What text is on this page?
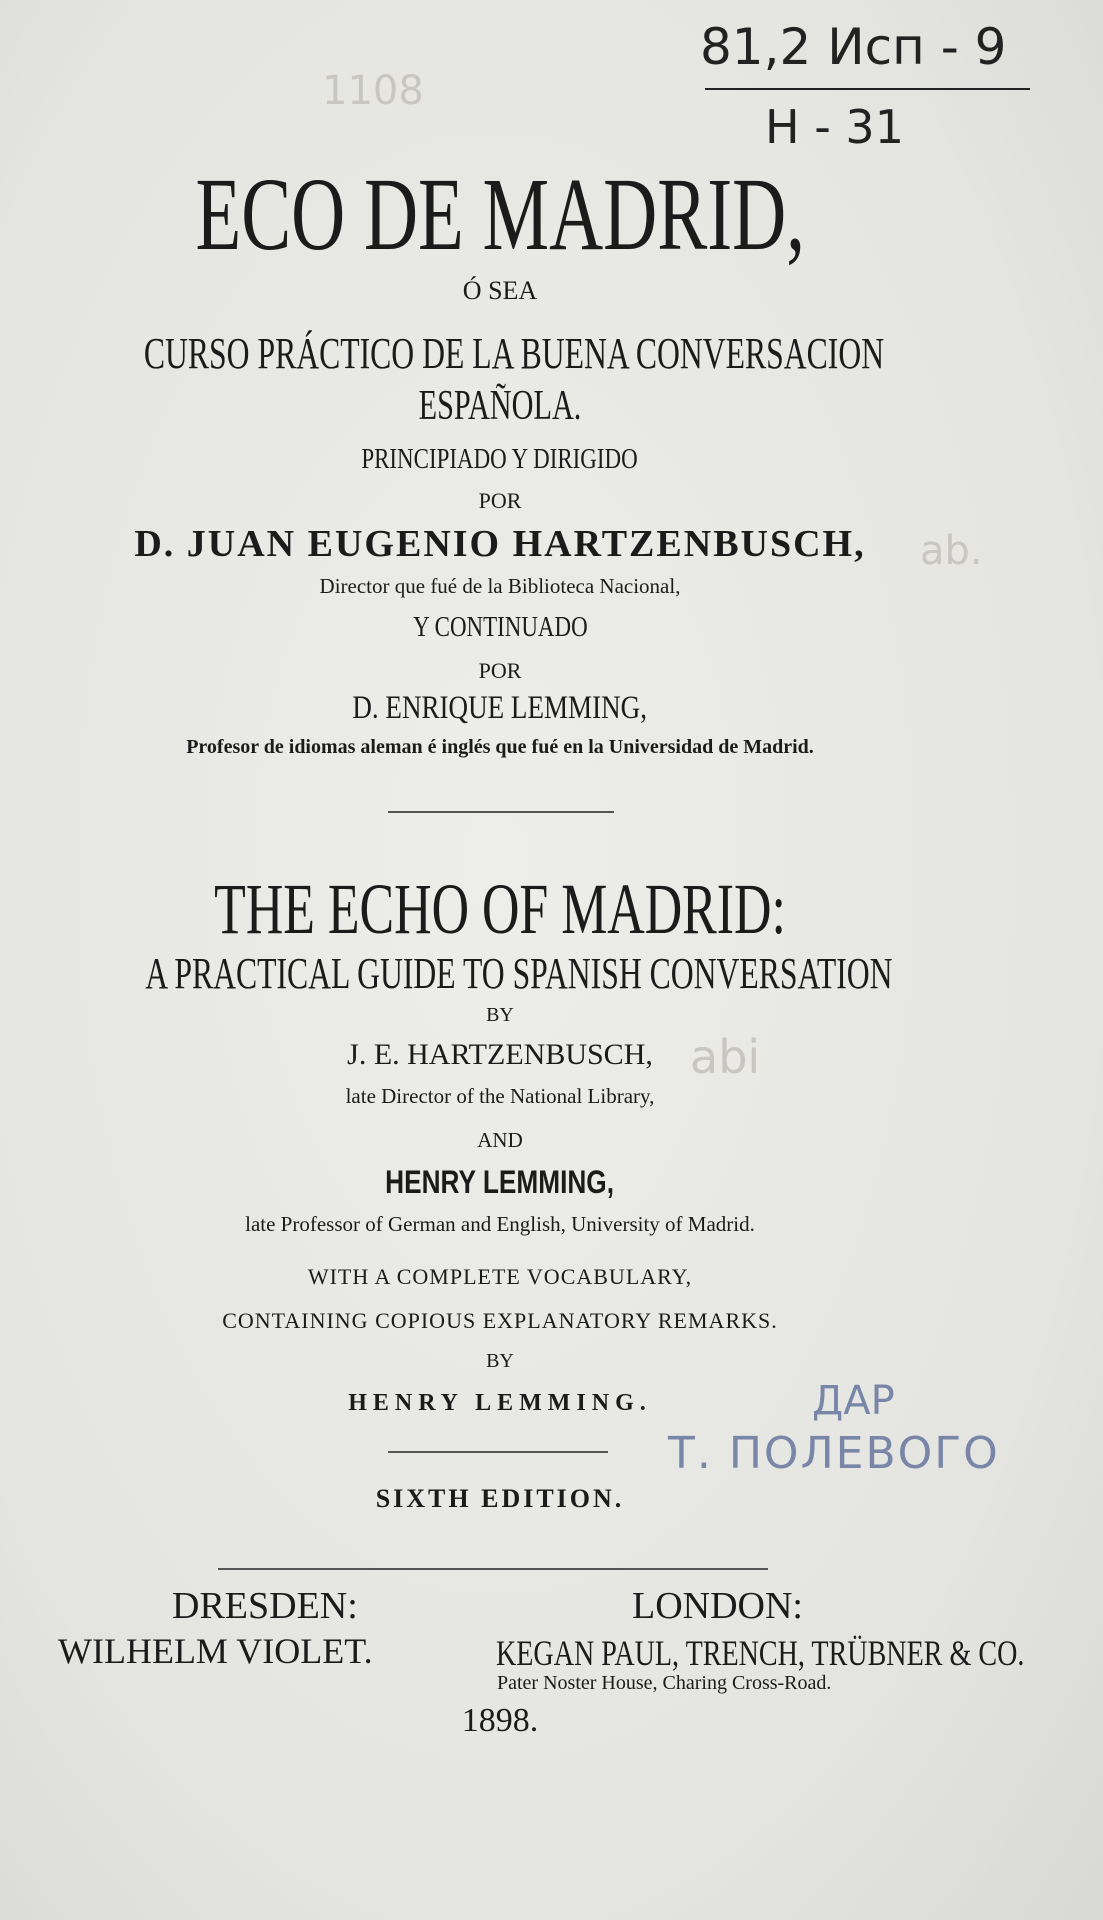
81,2 Исп - 9
Н - 31
1108
ECO DE MADRID,
Ó SEA
CURSO PRÁCTICO DE LA BUENA CONVERSACION
ESPAÑOLA.
PRINCIPIADO Y DIRIGIDO
POR
D. JUAN EUGENIO HARTZENBUSCH,	ab.
Director que fué de la Biblioteca Nacional,
Y CONTINUADO
POR
D. ENRIQUE LEMMING,
Profesor de idiomas aleman é inglés que fué en la Universidad de Madrid.
THE ECHO OF MADRID:
A PRACTICAL GUIDE TO SPANISH CONVERSATION
BY
J. E. HARTZENBUSCH, abi
late Director of the National Library,
AND
HENRY LEMMING,
late Professor of German and English, University of Madrid.
WITH A COMPLETE VOCABULARY,
CONTAINING COPIOUS EXPLANATORY REMARKS.
BY
HENRY LEMMING.	ДАР
Т. ПОЛЕВОГО
SIXTH EDITION.
DRESDEN:
WILHELM VIOLET.
LONDON:
KEGAN PAUL, TRENCH, TRÜBNER & CO.
Pater Noster House, Charing Cross-Road.
1898.
